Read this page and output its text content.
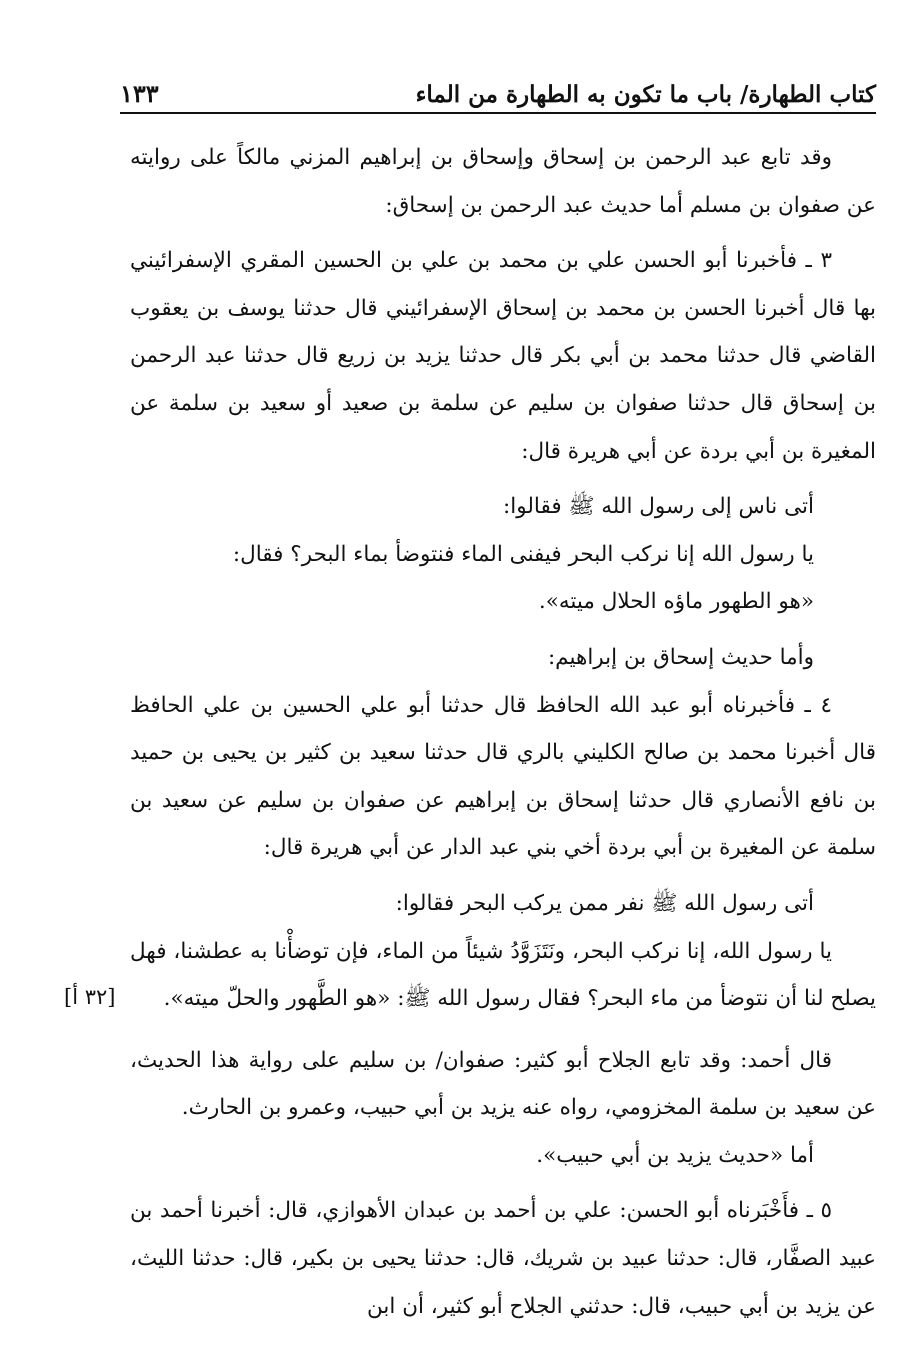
كتاب الطهارة/ باب ما تكون به الطهارة من الماء
١٣٣
[٣٢ أ]

وقد تابع عبد الرحمن بن إسحاق وإسحاق بن إبراهيم المزني مالكاً على روايته عن صفوان بن مسلم أما حديث عبد الرحمن بن إسحاق:

٣ ـ فأخبرنا أبو الحسن علي بن محمد بن علي بن الحسين المقري الإسفرائيني بها قال أخبرنا الحسن بن محمد بن إسحاق الإسفرائيني قال حدثنا يوسف بن يعقوب القاضي قال حدثنا محمد بن أبي بكر قال حدثنا يزيد بن زريع قال حدثنا عبد الرحمن بن إسحاق قال حدثنا صفوان بن سليم عن سلمة بن صعيد أو سعيد بن سلمة عن المغيرة بن أبي بردة عن أبي هريرة قال:

أتى ناس إلى رسول الله ﷺ فقالوا:

يا رسول الله إنا نركب البحر فيفنى الماء فنتوضأ بماء البحر؟ فقال:

«هو الطهور ماؤه الحلال ميته».

وأما حديث إسحاق بن إبراهيم:

٤ ـ فأخبرناه أبو عبد الله الحافظ قال حدثنا أبو علي الحسين بن علي الحافظ قال أخبرنا محمد بن صالح الكليني بالري قال حدثنا سعيد بن كثير بن يحيى بن حميد بن نافع الأنصاري قال حدثنا إسحاق بن إبراهيم عن صفوان بن سليم عن سعيد بن سلمة عن المغيرة بن أبي بردة أخي بني عبد الدار عن أبي هريرة قال:

أتى رسول الله ﷺ نفر ممن يركب البحر فقالوا:

يا رسول الله، إنا نركب البحر، ونَتَزَوَّدُ شيئاً من الماء، فإن توضأْنا به عطشنا، فهل يصلح لنا أن نتوضأ من ماء البحر؟ فقال رسول الله ﷺ: «هو الطَّهور والحلّ ميته».

قال أحمد: وقد تابع الجلاح أبو كثير: صفوان/ بن سليم على رواية هذا الحديث، عن سعيد بن سلمة المخزومي، رواه عنه يزيد بن أبي حبيب، وعمرو بن الحارث.

أما «حديث يزيد بن أبي حبيب».

٥ ـ فأَخْبَرناه أبو الحسن: علي بن أحمد بن عبدان الأهوازي، قال: أخبرنا أحمد بن عبيد الصفَّار، قال: حدثنا عبيد بن شريك، قال: حدثنا يحيى بن بكير، قال: حدثنا الليث، عن يزيد بن أبي حبيب، قال: حدثني الجلاح أبو كثير، أن ابن
